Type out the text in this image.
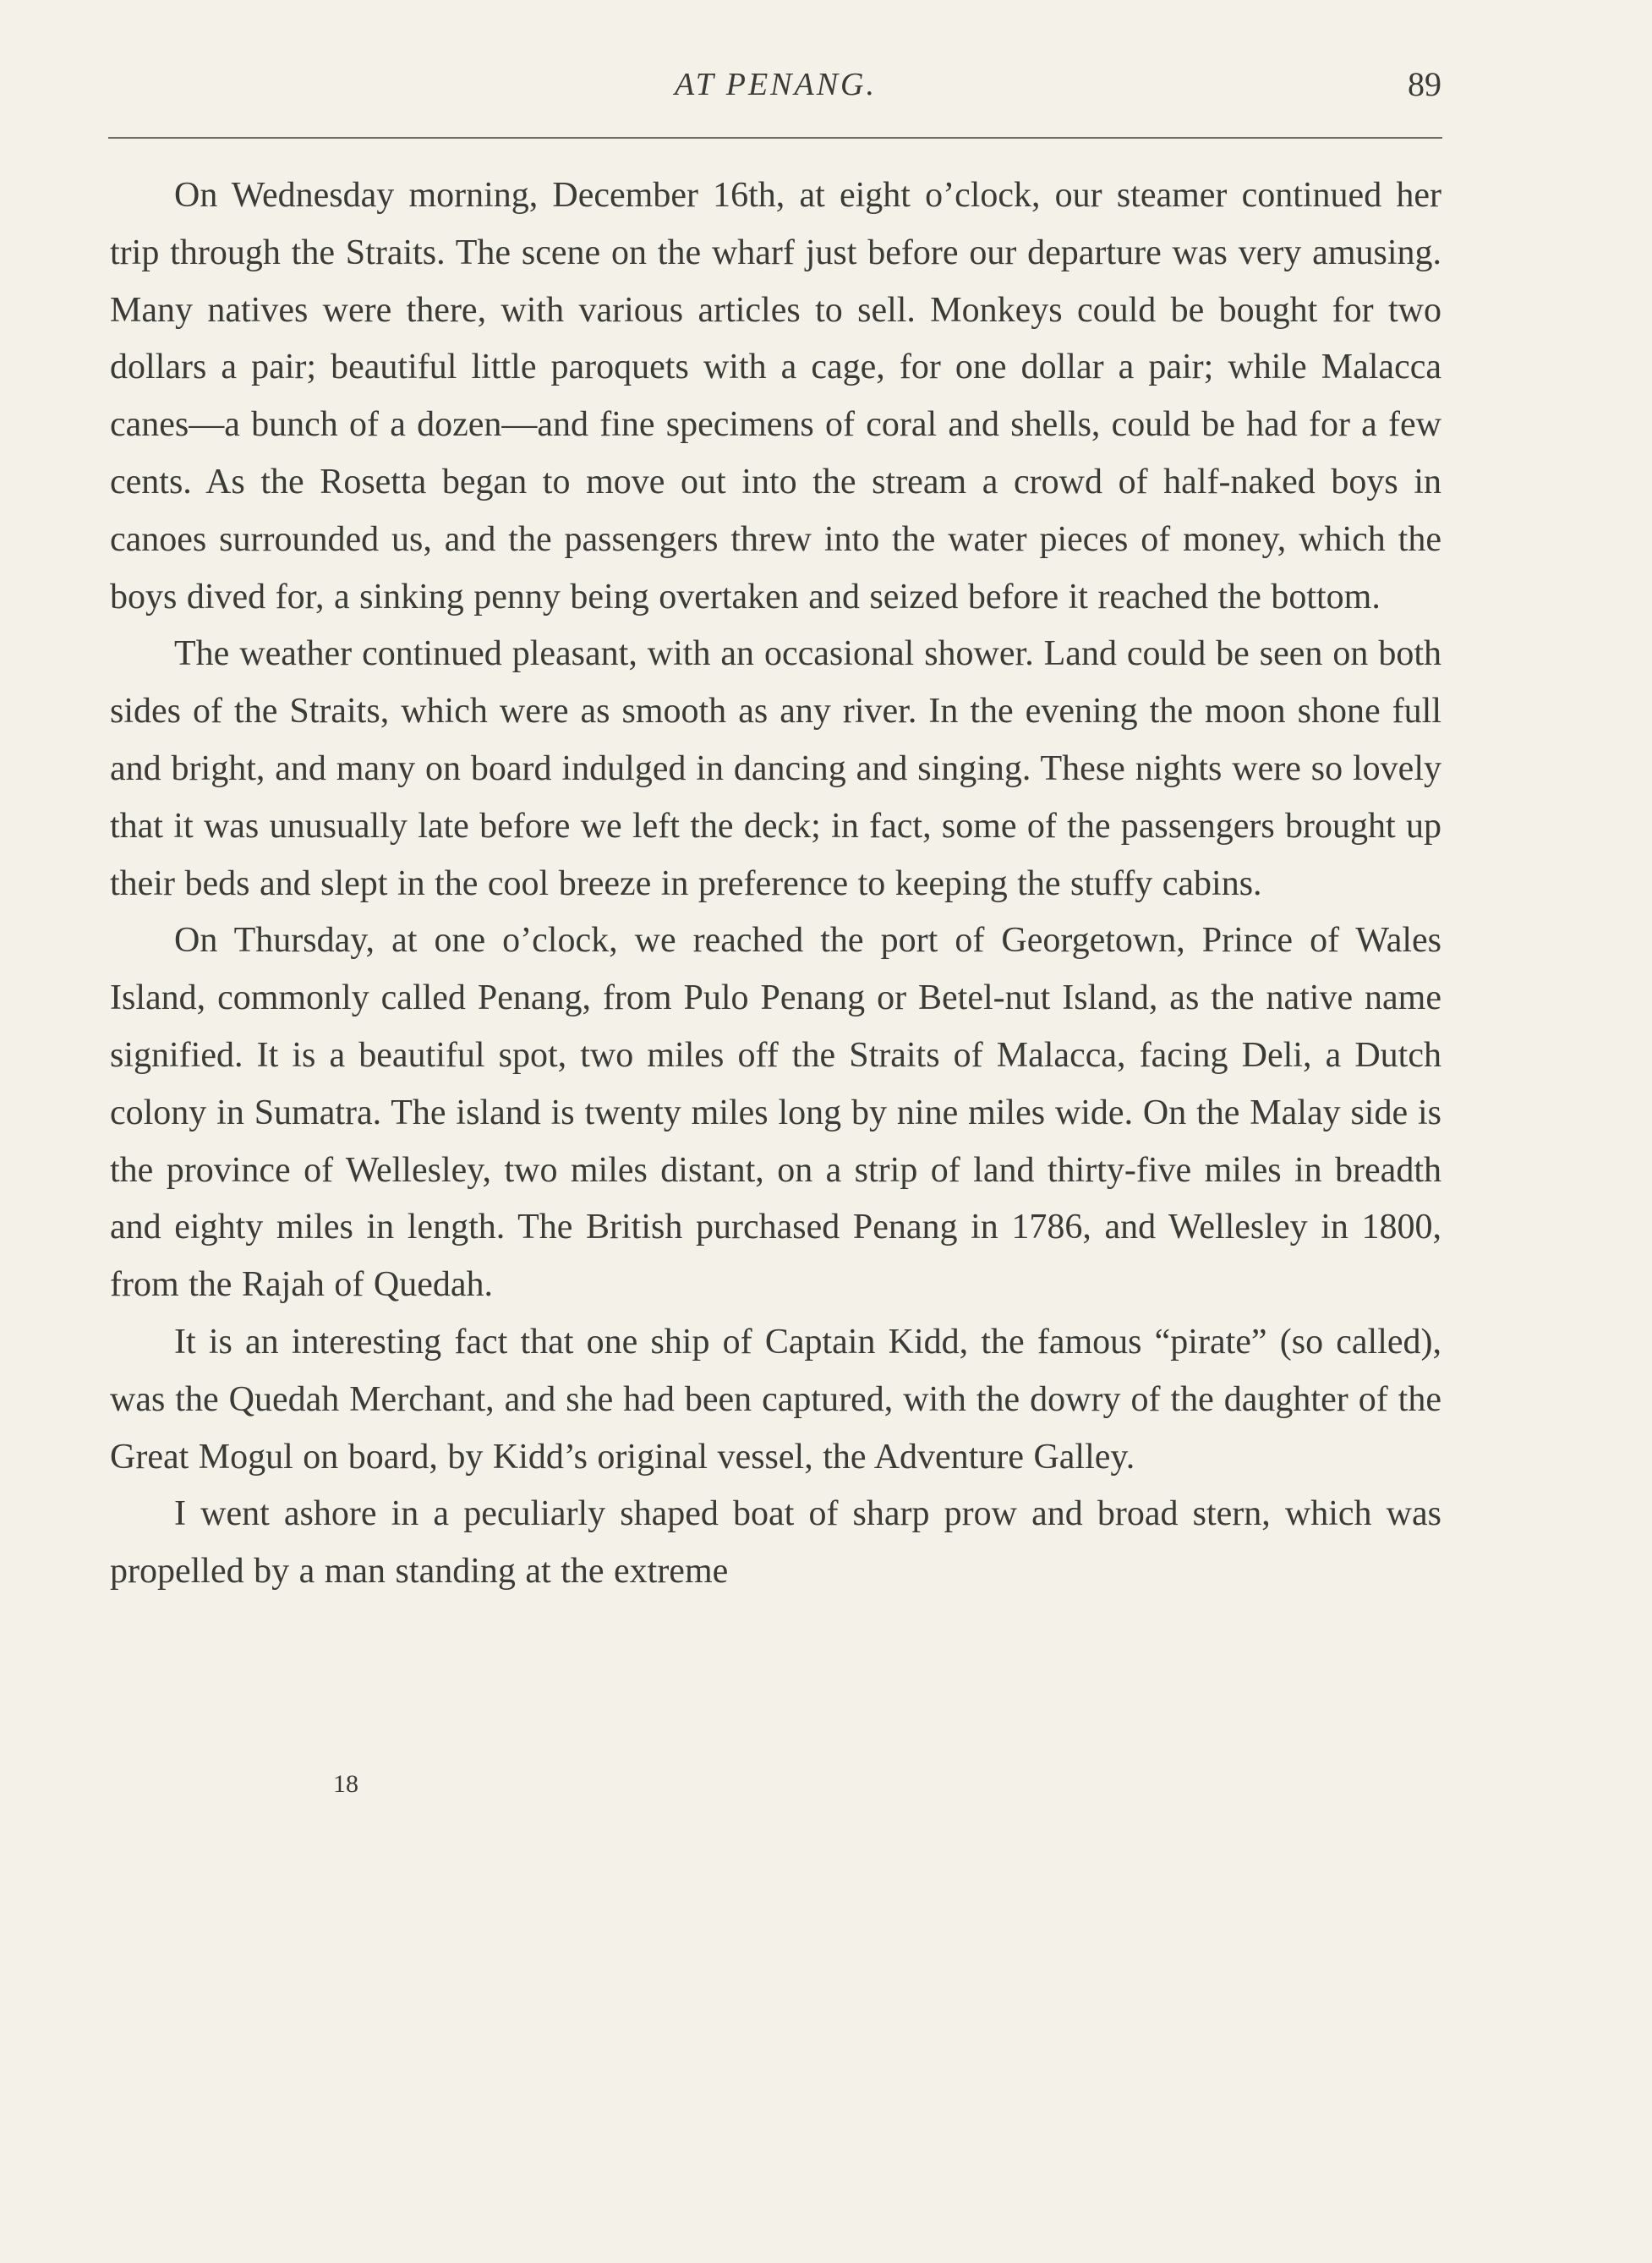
AT PENANG.	89

On Wednesday morning, December 16th, at eight o’clock, our steamer continued her trip through the Straits. The scene on the wharf just before our departure was very amusing. Many natives were there, with various articles to sell. Monkeys could be bought for two dollars a pair; beautiful little paroquets with a cage, for one dollar a pair; while Malacca canes—a bunch of a dozen—and fine specimens of coral and shells, could be had for a few cents. As the Rosetta began to move out into the stream a crowd of half-naked boys in canoes surrounded us, and the passengers threw into the water pieces of money, which the boys dived for, a sinking penny being overtaken and seized before it reached the bottom.

The weather continued pleasant, with an occasional shower. Land could be seen on both sides of the Straits, which were as smooth as any river. In the evening the moon shone full and bright, and many on board indulged in dancing and singing. These nights were so lovely that it was unusually late before we left the deck; in fact, some of the passengers brought up their beds and slept in the cool breeze in preference to keeping the stuffy cabins.

On Thursday, at one o’clock, we reached the port of Georgetown, Prince of Wales Island, commonly called Penang, from Pulo Penang or Betel-nut Island, as the native name signified. It is a beautiful spot, two miles off the Straits of Malacca, facing Deli, a Dutch colony in Sumatra. The island is twenty miles long by nine miles wide. On the Malay side is the province of Wellesley, two miles distant, on a strip of land thirty-five miles in breadth and eighty miles in length. The British purchased Penang in 1786, and Wellesley in 1800, from the Rajah of Quedah.

It is an interesting fact that one ship of Captain Kidd, the famous “pirate” (so called), was the Quedah Merchant, and she had been captured, with the dowry of the daughter of the Great Mogul on board, by Kidd’s original vessel, the Adventure Galley.

I went ashore in a peculiarly shaped boat of sharp prow and broad stern, which was propelled by a man standing at the extreme

18
